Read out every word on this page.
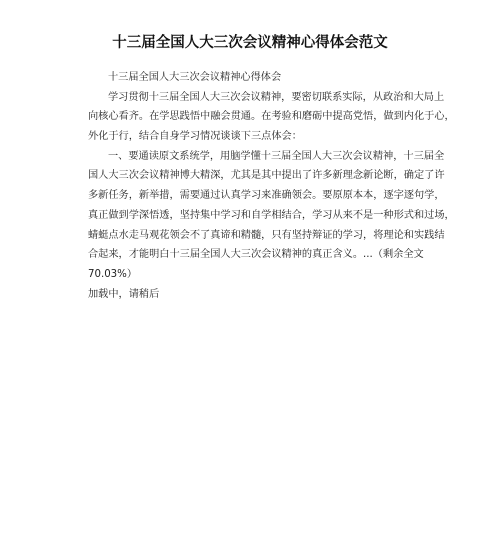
十三届全国人大三次会议精神心得体会范文
十三届全国人大三次会议精神心得体会
学习贯彻十三届全国人大三次会议精神，要密切联系实际，从政治和大局上
向核心看齐。在学思践悟中融会贯通。在考验和磨砺中提高党悟，做到内化于心，
外化于行，结合自身学习情况谈谈下三点体会：
一、要通读原文系统学，用脑学懂十三届全国人大三次会议精神，十三届全
国人大三次会议精神博大精深，尤其是其中提出了许多新理念新论断，确定了许
多新任务，新举措，需要通过认真学习来准确领会。要原原本本，逐字逐句学，
真正做到学深悟透，坚持集中学习和自学相结合，学习从来不是一种形式和过场，
蜻蜓点水走马观花领会不了真谛和精髓，只有坚持辩证的学习，将理论和实践结
合起来，才能明白十三届全国人大三次会议精神的真正含义。...（剩余全文
70.03%）
加载中，请稍后
